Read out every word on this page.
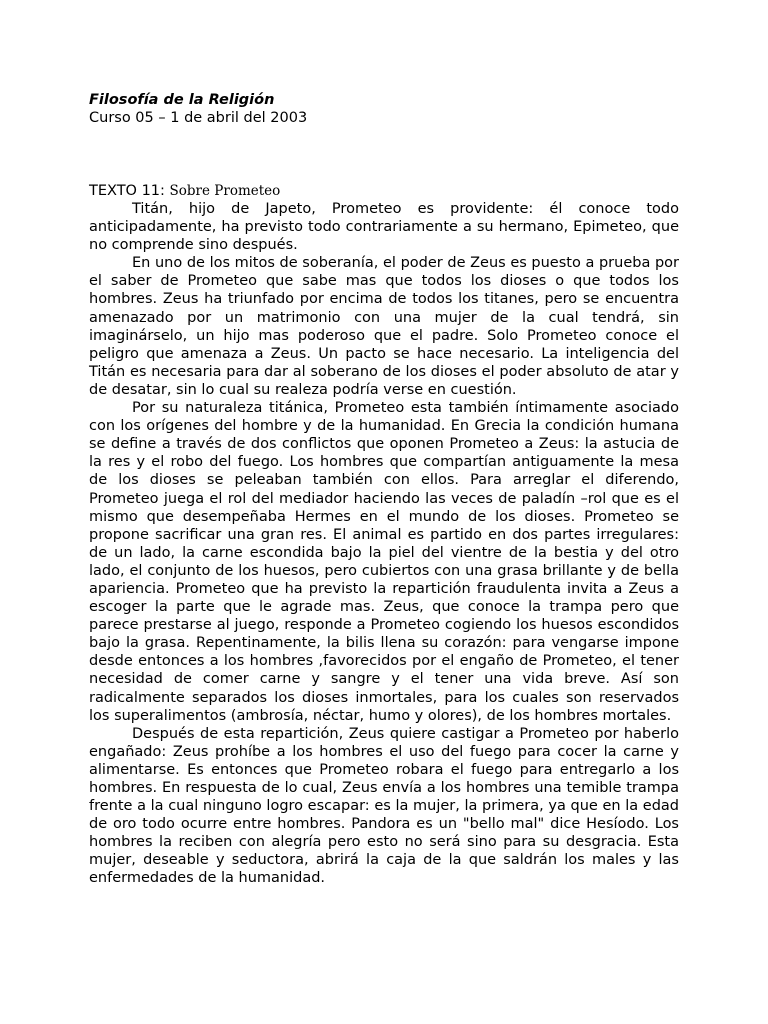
Filosofía de la Religión
Curso 05 – 1 de abril del 2003
TEXTO 11: Sobre Prometeo

Titán, hijo de Japeto, Prometeo es providente: él conoce todo anticipadamente, ha previsto todo contrariamente a su hermano, Epimeteo, que no comprende sino después.

En uno de los mitos de soberanía, el poder de Zeus es puesto a prueba por el saber de Prometeo que sabe mas que todos los dioses o que todos los hombres. Zeus ha triunfado por encima de todos los titanes, pero se encuentra amenazado por un matrimonio con una mujer de la cual tendrá, sin imaginárselo, un hijo mas poderoso que el padre. Solo Prometeo conoce el peligro que amenaza a Zeus. Un pacto se hace necesario. La inteligencia del Titán es necesaria para dar al soberano de los dioses el poder absoluto de atar y de desatar, sin lo cual su realeza podría verse en cuestión.

Por su naturaleza titánica, Prometeo esta también íntimamente asociado con los orígenes del hombre y de la humanidad. En Grecia la condición humana se define a través de dos conflictos que oponen Prometeo a Zeus: la astucia de la res y el robo del fuego. Los hombres que compartían antiguamente la mesa de los dioses se peleaban también con ellos. Para arreglar el diferendo, Prometeo juega el rol del mediador haciendo las veces de paladín –rol que es el mismo que desempeñaba Hermes en el mundo de los dioses. Prometeo se propone sacrificar una gran res. El animal es partido en dos partes irregulares: de un lado, la carne escondida bajo la piel del vientre de la bestia y del otro lado, el conjunto de los huesos, pero cubiertos con una grasa brillante y de bella apariencia. Prometeo que ha previsto la repartición fraudulenta invita a Zeus a escoger la parte que le agrade mas. Zeus, que conoce la trampa pero que parece prestarse al juego, responde a Prometeo cogiendo los huesos escondidos bajo la grasa. Repentinamente, la bilis llena su corazón: para vengarse impone desde entonces a los hombres ,favorecidos por el engaño de Prometeo, el tener necesidad de comer carne y sangre y el tener una vida breve. Así son radicalmente separados los dioses inmortales, para los cuales son reservados los superalimentos (ambrosía, néctar, humo y olores), de los hombres mortales.

Después de esta repartición, Zeus quiere castigar a Prometeo por haberlo engañado: Zeus prohíbe a los hombres el uso del fuego para cocer la carne y alimentarse. Es entonces que Prometeo robara el fuego para entregarlo a los hombres. En respuesta de lo cual, Zeus envía a los hombres una temible trampa frente a la cual ninguno logro escapar: es la mujer, la primera, ya que en la edad de oro todo ocurre entre hombres. Pandora es un "bello mal" dice Hesíodo. Los hombres la reciben con alegría pero esto no será sino para su desgracia. Esta mujer, deseable y seductora, abrirá la caja de la que saldrán los males y las enfermedades de la humanidad.
